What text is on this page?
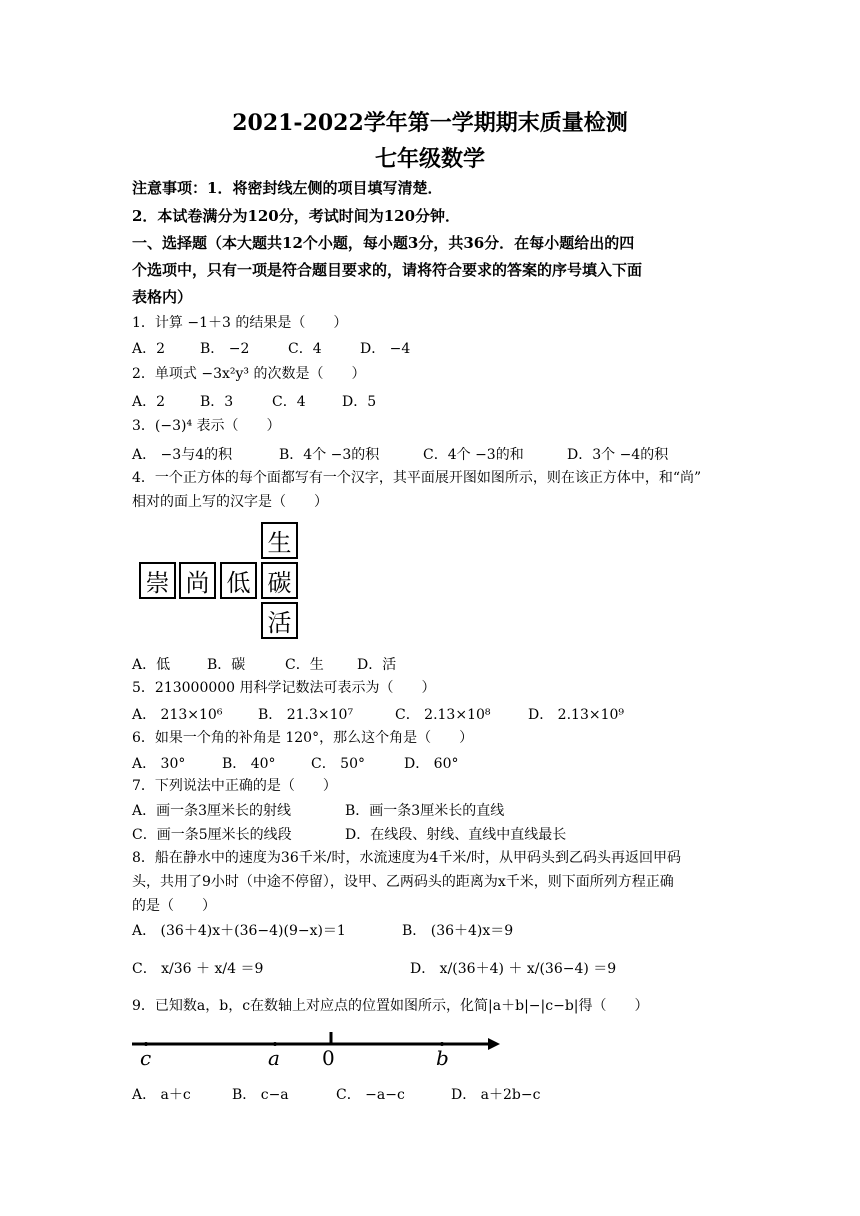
2021-2022学年第一学期期末质量检测
七年级数学
注意事项：1．将密封线左侧的项目填写清楚．
2．本试卷满分为120分，考试时间为120分钟．
一、选择题（本大题共12个小题，每小题3分，共36分．在每小题给出的四
个选项中，只有一项是符合题目要求的，请将符合要求的答案的序号填入下面
表格内）
1．计算 −1＋3 的结果是（　　）
A．2 B． −2	C．4	D． −4
2．单项式 −3x²y³ 的次数是（　　）
A．2 B．3	C．4	D．5
3．(−3)⁴ 表示（　　）
A． −3与4的积	B．4个 −3的积	C．4个 −3的和	D．3个 −4的积
4．一个正方体的每个面都写有一个汉字，其平面展开图如图所示，则在该正方体中，和“尚”
相对的面上写的汉字是（　　）
生
崇 尚 低 碳
活
A．低	B．碳	C．生 D．活
5．213000000 用科学记数法可表示为（　　）
A． 213×10⁶	B． 21.3×10⁷	C． 2.13×10⁸	D． 2.13×10⁹
6．如果一个角的补角是 120°，那么这个角是（　　）
A． 30°	B． 40°	C． 50°	D． 60°
7．下列说法中正确的是（　　）
A．画一条3厘米长的射线	B．画一条3厘米长的直线
C．画一条5厘米长的线段	D．在线段、射线、直线中直线最长
8．船在静水中的速度为36千米/时，水流速度为4千米/时，从甲码头到乙码头再返回甲码
头，共用了9小时（中途不停留），设甲、乙两码头的距离为x千米，则下面所列方程正确
的是（　　）
A． (36＋4)x＋(36−4)(9−x)＝1	B． (36＋4)x＝9
C． x/36 ＋ x/4 ＝9	D． x/(36＋4) ＋ x/(36−4) ＝9
9．已知数a，b，c在数轴上对应点的位置如图所示，化简|a＋b|−|c−b|得（　　）
c	a 0	b
A． a＋c	B． c−a	C． −a−c	D． a＋2b−c
